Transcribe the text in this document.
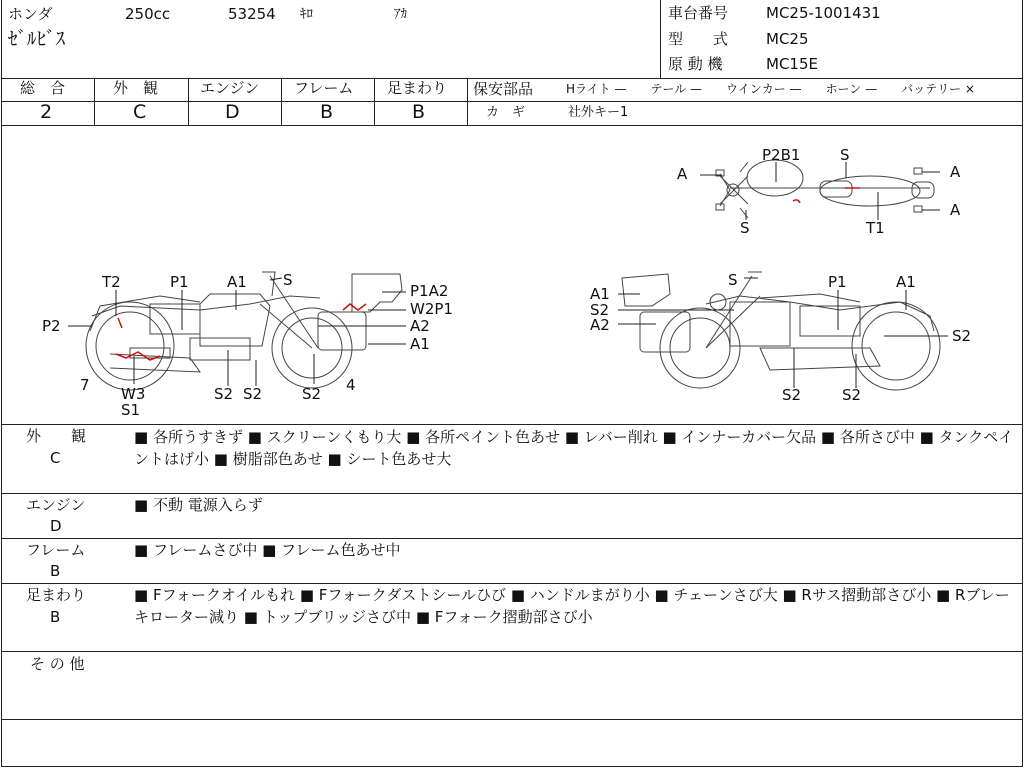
ホンダ	250cc	53254 ｷﾛ	ｱｶ
ｾﾞﾙﾋﾞｽ
車台番号	MC25-1001431
型　　式	MC25
原 動 機	MC15E
総　合	外　観	エンジン フレーム 足まわり
2	C	D	B	B
保安部品	Hライト —　　テール —　　ウインカー —　　ホーン —　　バッテリー ×
カ　ギ	社外キー1
A
P2B1	S
A
A
S	T1
T2	P1	A1 S
P1A2
W2P1
A2
A1
P2
7 W3
S1
S2 S2	S2 4
S	P1	A1
A1
S2
A2
S2
S2	S2
外　　観
C
■ 各所うすきず ■ スクリーンくもり大 ■ 各所ペイント色あせ ■ レバー削れ ■ インナーカバー欠品 ■ 各所さび中 ■ タンクペイントはげ小 ■ 樹脂部色あせ ■ シート色あせ大
エンジン
D
■ 不動 電源入らず
フレーム
B
■ フレームさび中 ■ フレーム色あせ中
足まわり
B
■ Fフォークオイルもれ ■ Fフォークダストシールひび ■ ハンドルまがり小 ■ チェーンさび大 ■ Rサス摺動部さび小 ■ Rブレーキローター減り ■ トップブリッジさび中 ■ Fフォーク摺動部さび小
そ の 他
